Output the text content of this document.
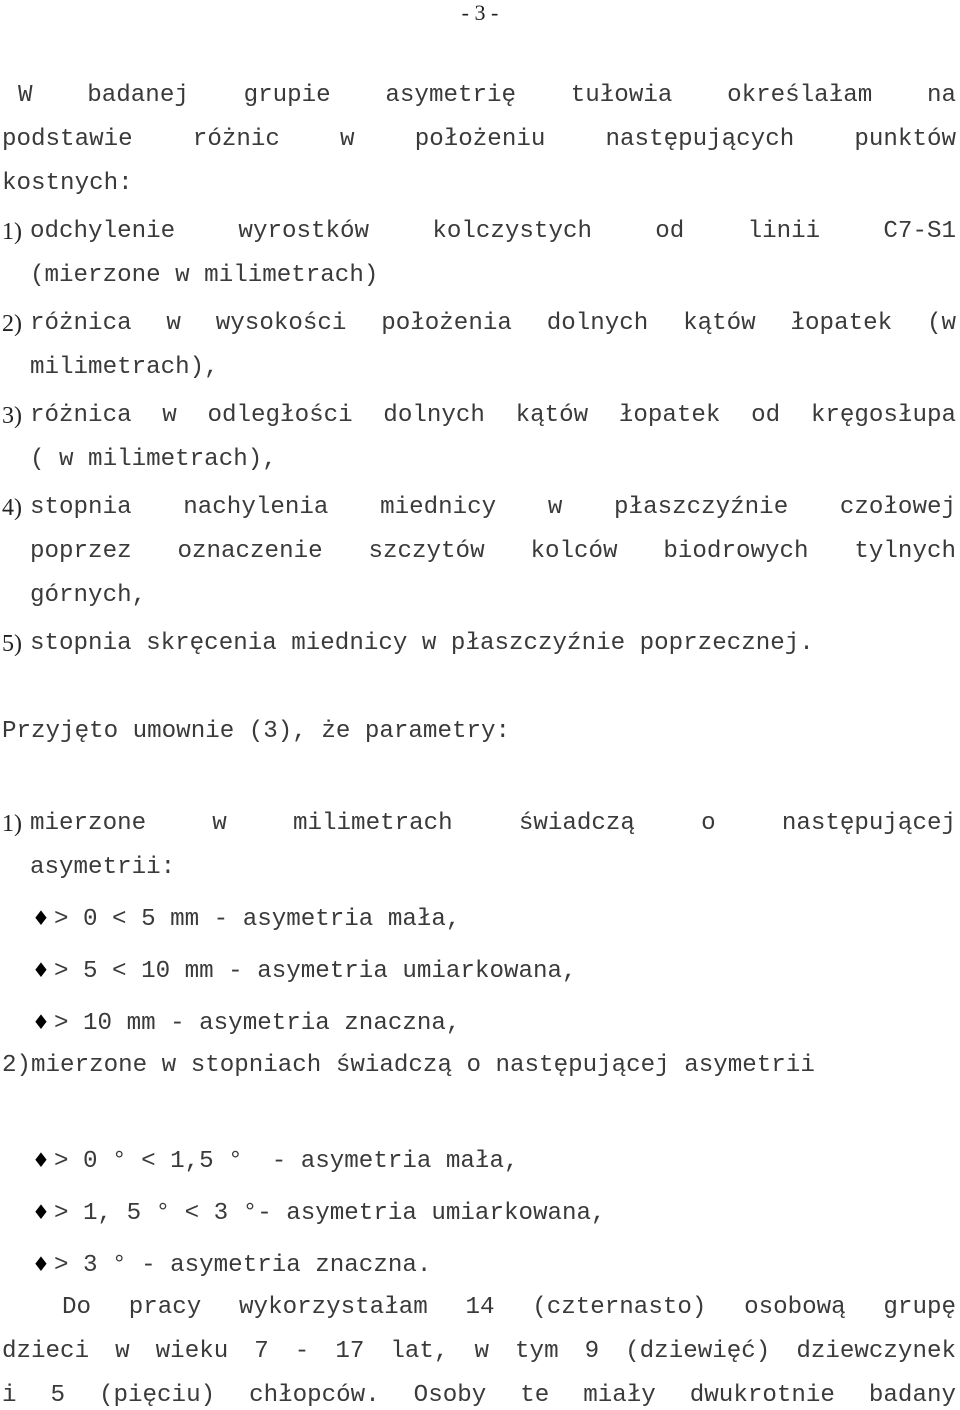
- 3 -
W badanej grupie asymetrię tułowia określałam na
podstawie różnic w położeniu następujących punktów
kostnych:
1) odchylenie wyrostków kolczystych od linii C7-S1
(mierzone w milimetrach)
2) różnica w wysokości położenia dolnych kątów łopatek (w
milimetrach),
3) różnica w odległości dolnych kątów łopatek od kręgosłupa
( w milimetrach),
4) stopnia nachylenia miednicy w płaszczyźnie czołowej
poprzez oznaczenie szczytów kolców biodrowych tylnych
górnych,
5) stopnia skręcenia miednicy w płaszczyźnie poprzecznej.
Przyjęto umownie (3), że parametry:
1) mierzone w milimetrach świadczą o następującej
asymetrii:
♦ > 0 < 5 mm - asymetria mała,
♦ > 5 < 10 mm - asymetria umiarkowana,
♦ > 10 mm - asymetria znaczna,
2)mierzone w stopniach świadczą o następującej asymetrii
♦ > 0 ° < 1,5 °  - asymetria mała,
♦ > 1, 5 ° < 3 °- asymetria umiarkowana,
♦ > 3 ° - asymetria znaczna.
Do pracy wykorzystałam 14 (czternasto) osobową grupę
dzieci w wieku 7 - 17 lat, w tym 9 (dziewięć) dziewczynek
i 5 (pięciu) chłopców. Osoby te miały dwukrotnie badany
